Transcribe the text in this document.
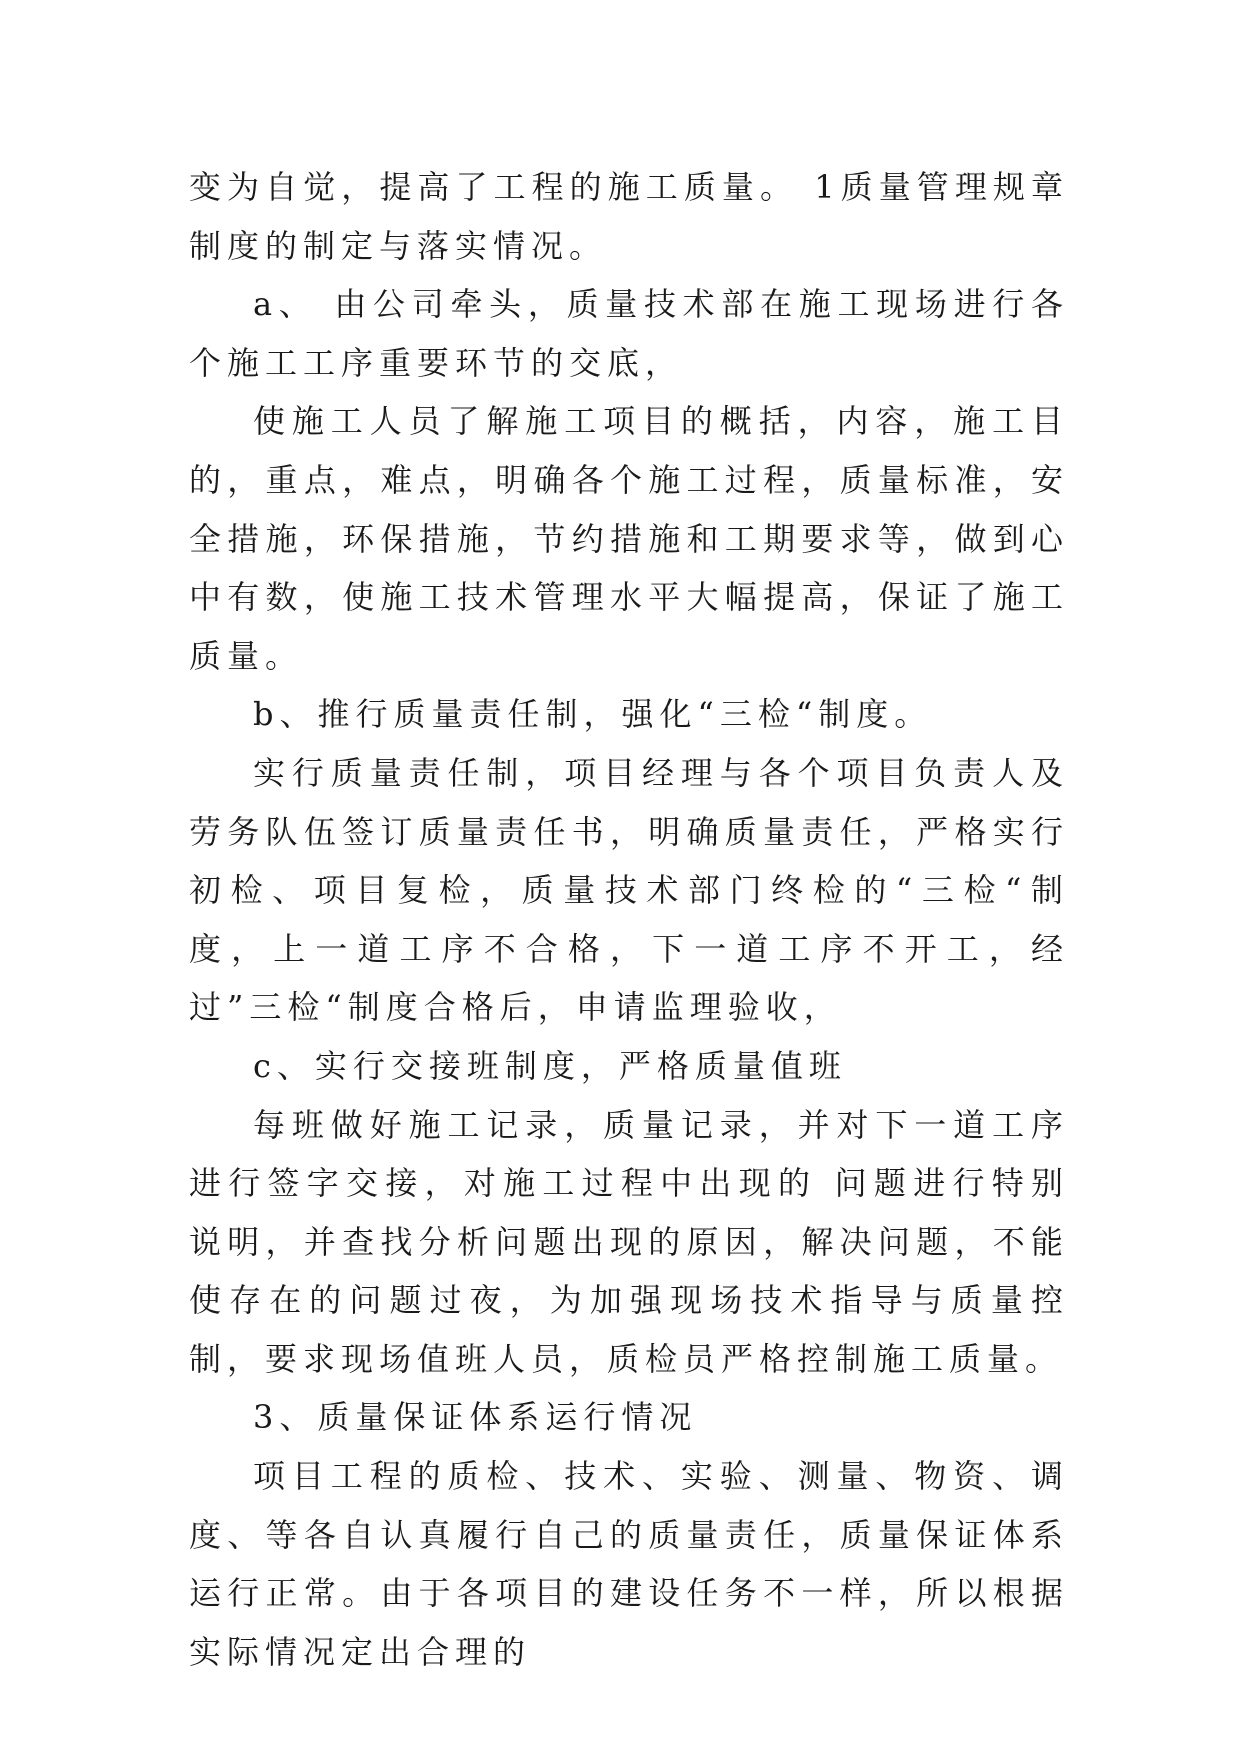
变为自觉，提高了工程的施工质量。 1质量管理规章制度的制定与落实情况。

a、 由公司牵头，质量技术部在施工现场进行各个施工工序重要环节的交底，

使施工人员了解施工项目的概括，内容，施工目的，重点，难点，明确各个施工过程，质量标准，安全措施，环保措施，节约措施和工期要求等，做到心中有数，使施工技术管理水平大幅提高，保证了施工质量。

b、推行质量责任制，强化“三检“制度。

实行质量责任制，项目经理与各个项目负责人及劳务队伍签订质量责任书，明确质量责任，严格实行初检、项目复检，质量技术部门终检的“三检“制度，上一道工序不合格，下一道工序不开工，经过”三检“制度合格后，申请监理验收，

c、实行交接班制度，严格质量值班

每班做好施工记录，质量记录，并对下一道工序进行签字交接，对施工过程中出现的 问题进行特别说明，并查找分析问题出现的原因，解决问题，不能使存在的问题过夜，为加强现场技术指导与质量控制，要求现场值班人员，质检员严格控制施工质量。

3、质量保证体系运行情况

项目工程的质检、技术、实验、测量、物资、调度、等各自认真履行自己的质量责任，质量保证体系运行正常。由于各项目的建设任务不一样，所以根据实际情况定出合理的
